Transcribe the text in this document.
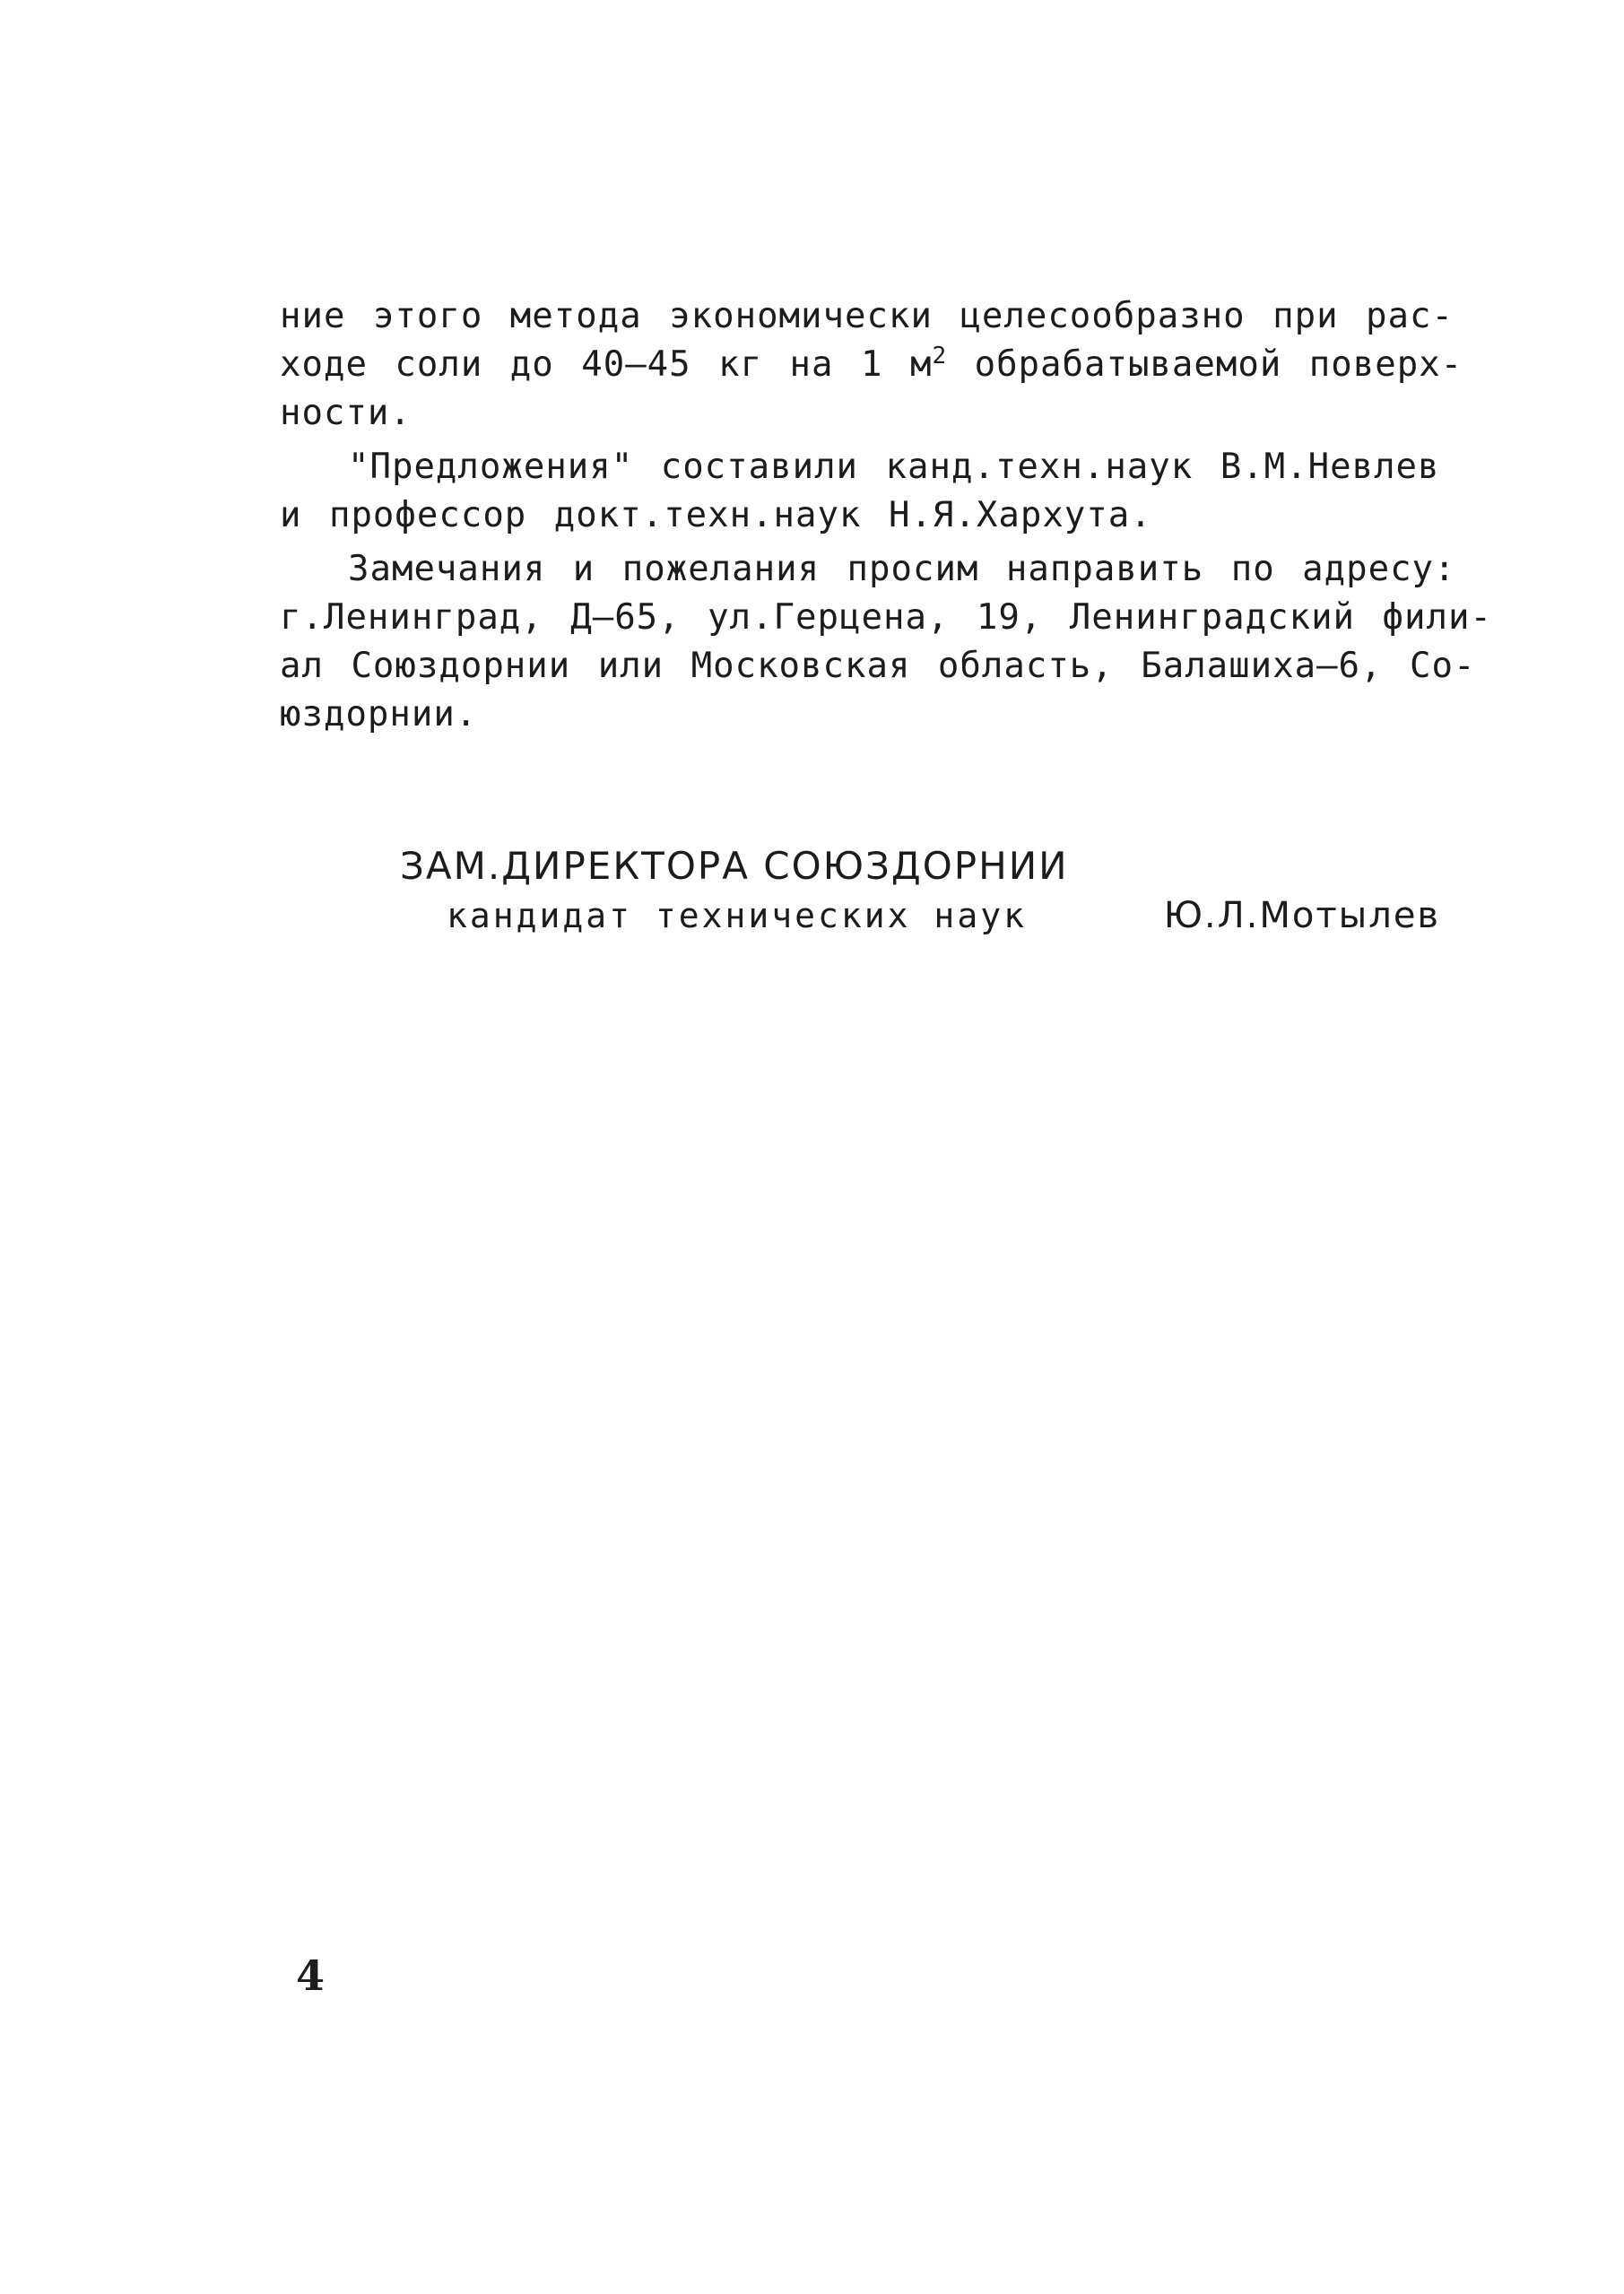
ние этого метода экономически целесообразно при рас-
ходе соли до 40–45 кг на 1 $м^2$ обрабатываемой поверх-
ности.

"Предложения" составили канд.техн.наук В.М.Невлев
и профессор докт.техн.наук Н.Я.Хархута.

Замечания и пожелания просим направить по адресу:
г.Ленинград, Д–65, ул.Герцена, 19, Ленинградский фили-
ал Союздорнии или Московская область, Балашиха–6, Со-
юздорнии.

ЗАМ.ДИРЕКТОРА СОЮЗДОРНИИ

кандидат технических наук	Ю.Л.Мотылев
4
